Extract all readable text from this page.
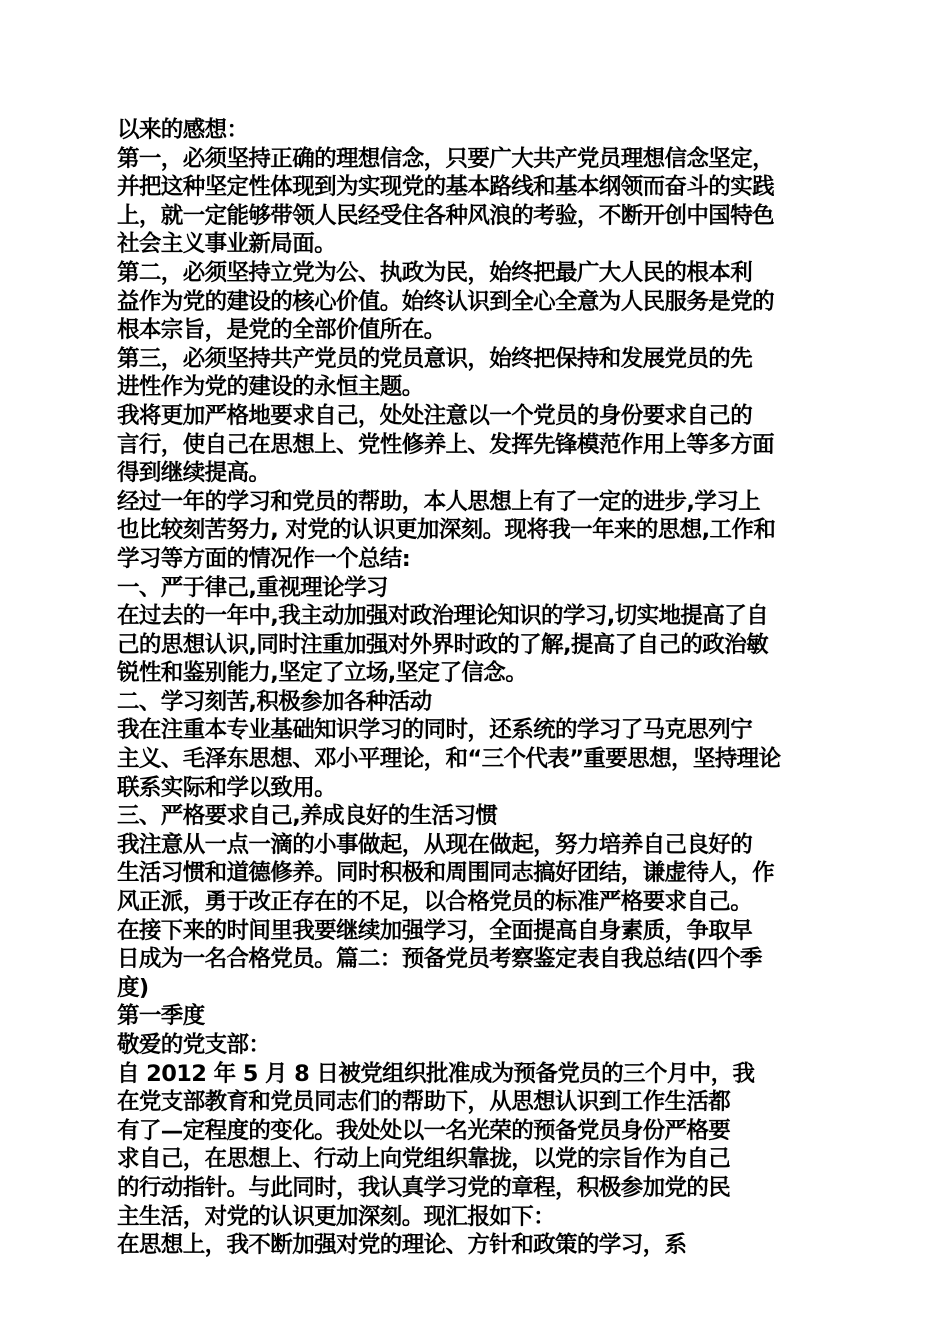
以来的感想：
第一，必须坚持正确的理想信念，只要广大共产党员理想信念坚定，
并把这种坚定性体现到为实现党的基本路线和基本纲领而奋斗的实践
上，就一定能够带领人民经受住各种风浪的考验，不断开创中国特色
社会主义事业新局面。
第二，必须坚持立党为公、执政为民，始终把最广大人民的根本利
益作为党的建设的核心价值。始终认识到全心全意为人民服务是党的
根本宗旨，是党的全部价值所在。
第三，必须坚持共产党员的党员意识，始终把保持和发展党员的先
进性作为党的建设的永恒主题。
我将更加严格地要求自己，处处注意以一个党员的身份要求自己的
言行，使自己在思想上、党性修养上、发挥先锋模范作用上等多方面
得到继续提高。
经过一年的学习和党员的帮助，本人思想上有了一定的进步,学习上
也比较刻苦努力, 对党的认识更加深刻。现将我一年来的思想,工作和
学习等方面的情况作一个总结:
一、严于律己,重视理论学习
在过去的一年中,我主动加强对政治理论知识的学习,切实地提高了自
己的思想认识,同时注重加强对外界时政的了解,提高了自己的政治敏
锐性和鉴别能力,坚定了立场,坚定了信念。
二、学习刻苦,积极参加各种活动
我在注重本专业基础知识学习的同时，还系统的学习了马克思列宁
主义、毛泽东思想、邓小平理论，和“三个代表”重要思想，坚持理论
联系实际和学以致用。
三、严格要求自己,养成良好的生活习惯
我注意从一点一滴的小事做起，从现在做起，努力培养自己良好的
生活习惯和道德修养。同时积极和周围同志搞好团结，谦虚待人，作
风正派，勇于改正存在的不足，以合格党员的标准严格要求自己。
在接下来的时间里我要继续加强学习，全面提高自身素质，争取早
日成为一名合格党员。篇二：预备党员考察鉴定表自我总结(四个季
度)
第一季度
敬爱的党支部：
自 2012 年 5 月 8 日被党组织批准成为预备党员的三个月中，我
在党支部教育和党员同志们的帮助下，从思想认识到工作生活都
有了—定程度的变化。我处处以一名光荣的预备党员身份严格要
求自己，在思想上、行动上向党组织靠拢，以党的宗旨作为自己
的行动指针。与此同时，我认真学习党的章程，积极参加党的民
主生活，对党的认识更加深刻。现汇报如下：
在思想上，我不断加强对党的理论、方针和政策的学习，系
